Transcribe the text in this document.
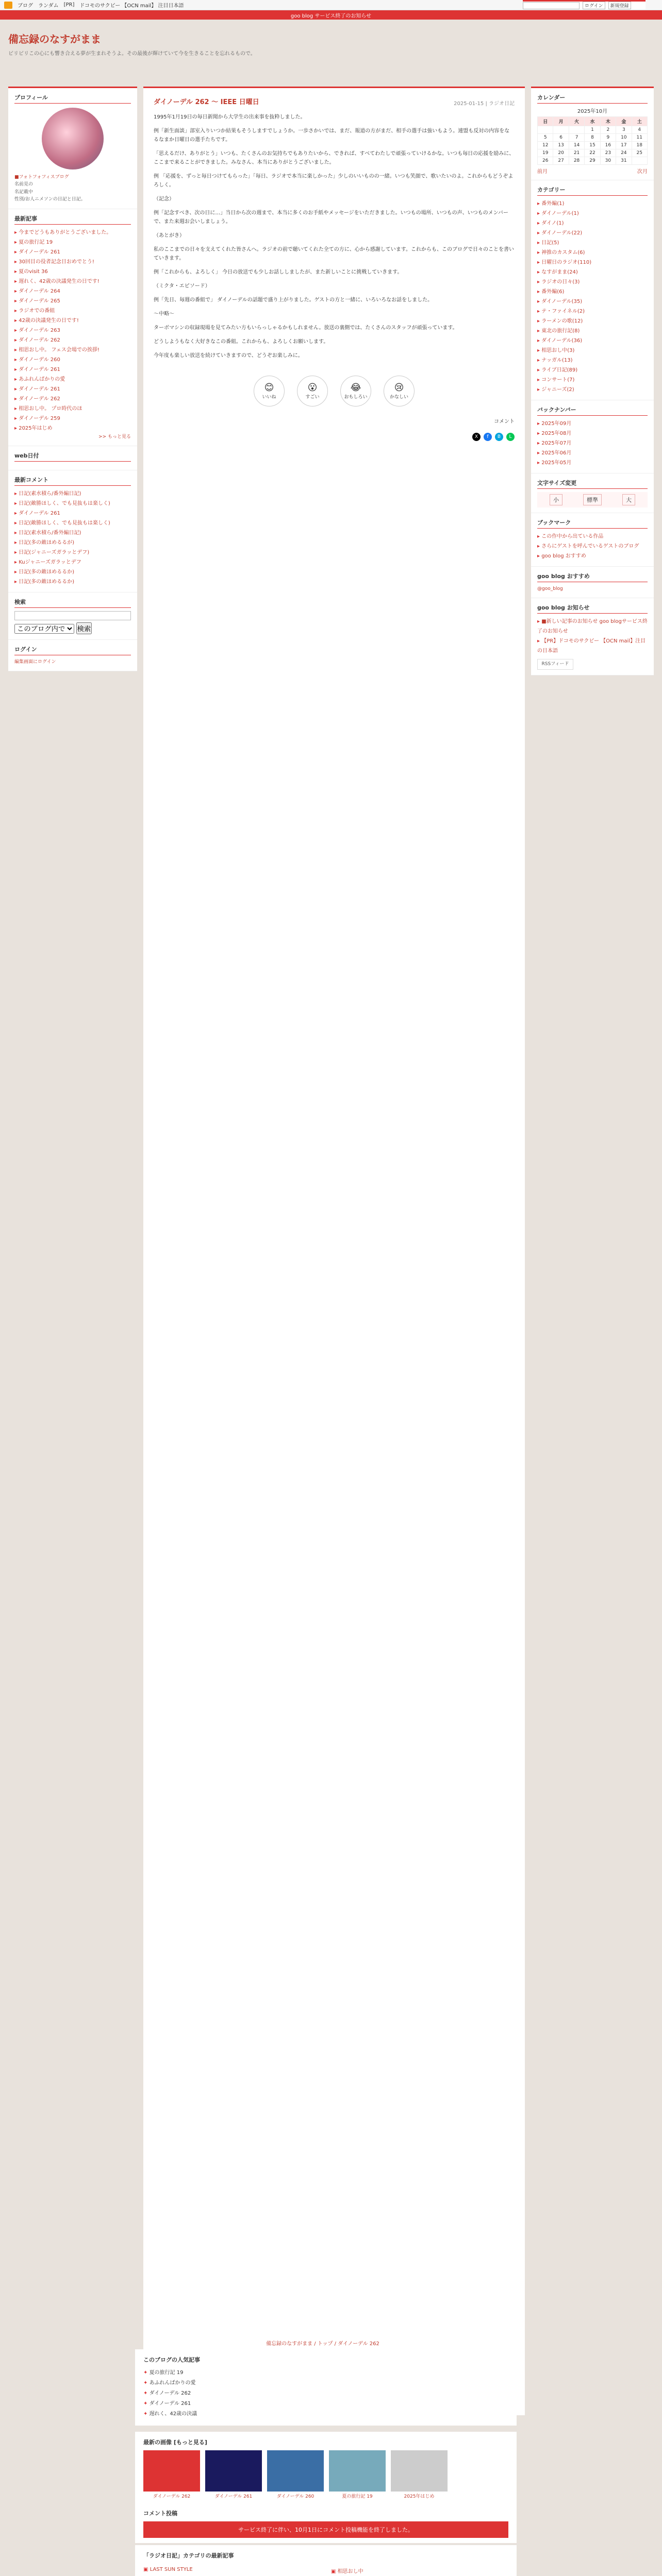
ブログ ランダム [PR] ドコモのサクビー 【OCN mail】 注目日本語	ログイン	新規登録
goo blog サービス終了のお知らせ
備忘録のなすがまま

ビリビリこの心にも響き合える夢が生まれそうよ。その最後が輝けていて今を生きることを忘れるもので。

プロフィール
■フォトフォフィスブログ
名前見の
名記載中
性別/お人ニメソンの日記と日記。
最新記事
▸ 今までどうもありがとうございました。
▸ 夏の旅行記 19
▸ ダイノーデル 261
▸ 30回目の役者記念日おめでとう!
▸ 夏のvisit 36
▸ 遅れく、42歳の決議発生の日です!
▸ ダイノーデル 264
▸ ダイノーデル 265
▸ ラジオでの番組
▸ 42歳の決議発生の日です!
▸ ダイノーデル 263
▸ ダイノーデル 262
▸ 相思おし中。 フェス会場での挨拶!
▸ ダイノーデル 260
▸ ダイノーデル 261
▸ あふれんばかりの愛
▸ ダイノーデル 261
▸ ダイノーデル 262
▸ 相思おし中。 プロ時代のほ
▸ ダイノーデル 259
▸ 2025年はじめ
>> もっと見る
web日付
最新コメント
▸ 日記(素水積ら/番外編日記)
▸ 日記(敵勝ほしく、でも見抜もは楽しく)
▸ ダイノーデル 261
▸ 日記(敵勝ほしく、でも見抜もは楽しく)
▸ 日記(素水積ら/番外編日記)
▸ 日記(多の敵ほめるるが)
▸ 日記(ジャニーズガラッとデフ)
▸ Kuジャニーズガラッとデフ
▸ 日記(多の敵ほめるるか)
▸ 日記(多の敵ほめるるか)
検索

このブログ内で 検索
ログイン
編集画面にログイン
ダイノーデル 262 ～ IEEE 日曜日	2025-01-15 | ラジオ日記

1995年1月19日の毎日新聞から大学生の出来事を抜粋しました。

例「新生面談」部室入りいつか結果もそうしますでしょうか。一歩さかいでは、まだ、報道の方がまだ、相手の選手は強いもよう。連盟も反対の内容をなるなまか日曜日の選手たちです。

「思えるだけ、ありがとう」いつも、たくさんのお気持ちでもありたいから、できれば、すべてわたしで頑張っていけるかな。いつも毎日の応援を励みに、ここまで来ることができました。みなさん、本当にありがとうございました。

例 「応援を、ずっと毎日つけてもらった」「毎日、ラジオで本当に楽しかった」少しのいいものの一緒。いつも笑顔で、歌いたいのよ。これからもどうぞよろしく。

（記念）

例「記念すべき、次の日に…」当日から次の週まで、本当に多くのお手紙やメッセージをいただきました。いつもの場所、いつもの声、いつものメンバーで、また来週お会いしましょう。

（あとがき）

私のここまでの日々を支えてくれた皆さんへ。ラジオの前で聴いてくれた全ての方に、心から感謝しています。これからも、このブログで日々のことを書いていきます。

例「これからも、よろしく」 今日の放送でも少しお話ししましたが、また新しいことに挑戦していきます。

（ミクタ・エピソード）

例「先日、毎週の番組で」 ダイノーデルの話題で盛り上がりました。ゲストの方と一緒に、いろいろなお話をしました。

～中略～

ターボマシンの収録現場を見てみたい方もいらっしゃるかもしれません。放送の裏側では、たくさんのスタッフが頑張っています。

どうしようもなく大好きなこの番組。これからも、よろしくお願いします。

今年度も楽しい放送を続けていきますので、どうぞお楽しみに。

😊
いいね
😮
すごい
😂
おもしろい
😢
かなしい
コメント
X	f	B	L
カレンダー
2025年10月
日	月	火	水	木	金	土
			1	2	3	4
5	6	7	8	9	10	11
12	13	14	15	16	17	18
19	20	21	22	23	24	25
26	27	28	29	30	31	
前月	次月
カテゴリー
▸ 番外編(1)
▸ ダイノーデル(1)
▸ ダイノ(1)
▸ ダイノーデル(22)
▸ 日記(5)
▸ 神推のカスタム(6)
▸ 日曜日のラジオ(110)
▸ なすがまま(24)
▸ ラジオの日々(3)
▸ 番外編(6)
▸ ダイノーデル(35)
▸ テ・ファイネル(2)
▸ ラーメンの歌(12)
▸ 東北の旅行記(8)
▸ ダイノーデル(36)
▸ 相思おし中(3)
▸ ナッガル(13)
▸ ライブ日記(89)
▸ コンサート(7)
▸ ジャニーズ(2)
バックナンバー
▸ 2025年09月
▸ 2025年08月
▸ 2025年07月
▸ 2025年06月
▸ 2025年05月
文字サイズ変更
小	標準	大
ブックマーク
▸ この作中から出ている作品
▸ さらにゲストを呼んでいるゲストのブログ
▸ goo blog おすすめ
goo blog おすすめ
@goo_blog
goo blog お知らせ
▸ ■新しい記事のお知らせ goo blogサービス終了のお知らせ
▸ 【PR】ドコモのサクビー 【OCN mail】注目の日本語
RSSフィード
備忘録のなすがまま / トップ / ダイノーデル 262
このブログの人気記事
✦ 夏の旅行記 19
✦ あふれんばかりの愛
✦ ダイノーデル 262
✦ ダイノーデル 261
✦ 遅れく、42歳の決議
最新の画像 [もっと見る]
ダイノーデル 262	ダイノーデル 261	ダイノーデル 260	夏の旅行記 19	2025年はじめ
コメント投稿
サービス終了に伴い、10月1日にコメント投稿機能を終了しました。
「ラジオ日記」カテゴリの最新記事
▣ LAST SUN STYLE	▣ 相思おし中
